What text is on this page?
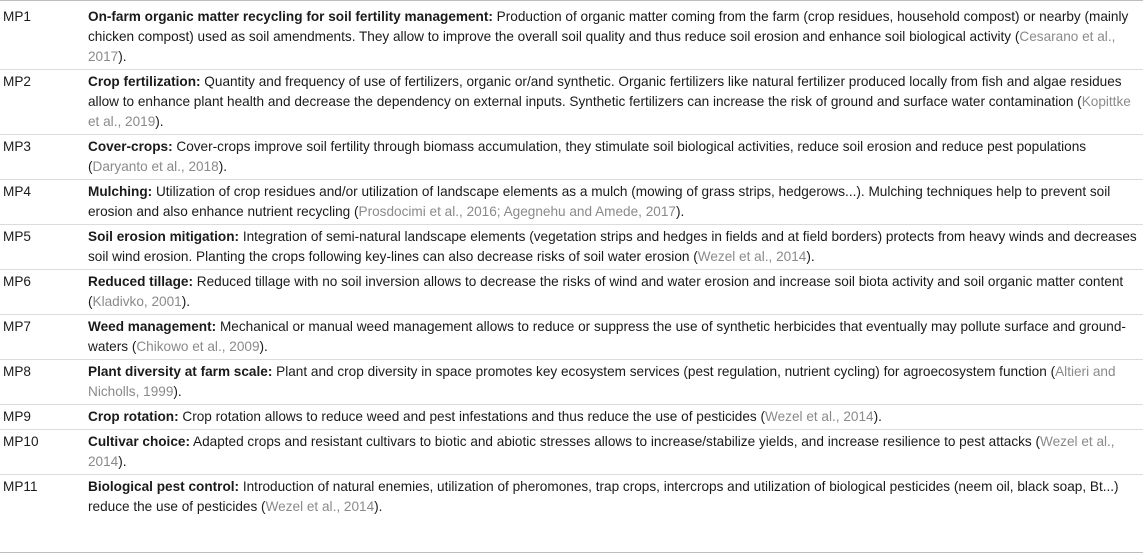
MP1	On-farm organic matter recycling for soil fertility management: Production of organic matter coming from the farm (crop residues, household compost) or nearby (mainly chicken compost) used as soil amendments. They allow to improve the overall soil quality and thus reduce soil erosion and enhance soil biological activity (Cesarano et al., 2017).
MP2	Crop fertilization: Quantity and frequency of use of fertilizers, organic or/and synthetic. Organic fertilizers like natural fertilizer produced locally from fish and algae residues allow to enhance plant health and decrease the dependency on external inputs. Synthetic fertilizers can increase the risk of ground and surface water contamination (Kopittke et al., 2019).
MP3	Cover-crops: Cover-crops improve soil fertility through biomass accumulation, they stimulate soil biological activities, reduce soil erosion and reduce pest populations (Daryanto et al., 2018).
MP4	Mulching: Utilization of crop residues and/or utilization of landscape elements as a mulch (mowing of grass strips, hedgerows...). Mulching techniques help to prevent soil erosion and also enhance nutrient recycling (Prosdocimi et al., 2016; Agegnehu and Amede, 2017).
MP5	Soil erosion mitigation: Integration of semi-natural landscape elements (vegetation strips and hedges in fields and at field borders) protects from heavy winds and decreases soil wind erosion. Planting the crops following key-lines can also decrease risks of soil water erosion (Wezel et al., 2014).
MP6	Reduced tillage: Reduced tillage with no soil inversion allows to decrease the risks of wind and water erosion and increase soil biota activity and soil organic matter content (Kladivko, 2001).
MP7	Weed management: Mechanical or manual weed management allows to reduce or suppress the use of synthetic herbicides that eventually may pollute surface and ground-waters (Chikowo et al., 2009).
MP8	Plant diversity at farm scale: Plant and crop diversity in space promotes key ecosystem services (pest regulation, nutrient cycling) for agroecosystem function (Altieri and Nicholls, 1999).
MP9	Crop rotation: Crop rotation allows to reduce weed and pest infestations and thus reduce the use of pesticides (Wezel et al., 2014).
MP10	Cultivar choice: Adapted crops and resistant cultivars to biotic and abiotic stresses allows to increase/stabilize yields, and increase resilience to pest attacks (Wezel et al., 2014).
MP11	Biological pest control: Introduction of natural enemies, utilization of pheromones, trap crops, intercrops and utilization of biological pesticides (neem oil, black soap, Bt...) reduce the use of pesticides (Wezel et al., 2014).
